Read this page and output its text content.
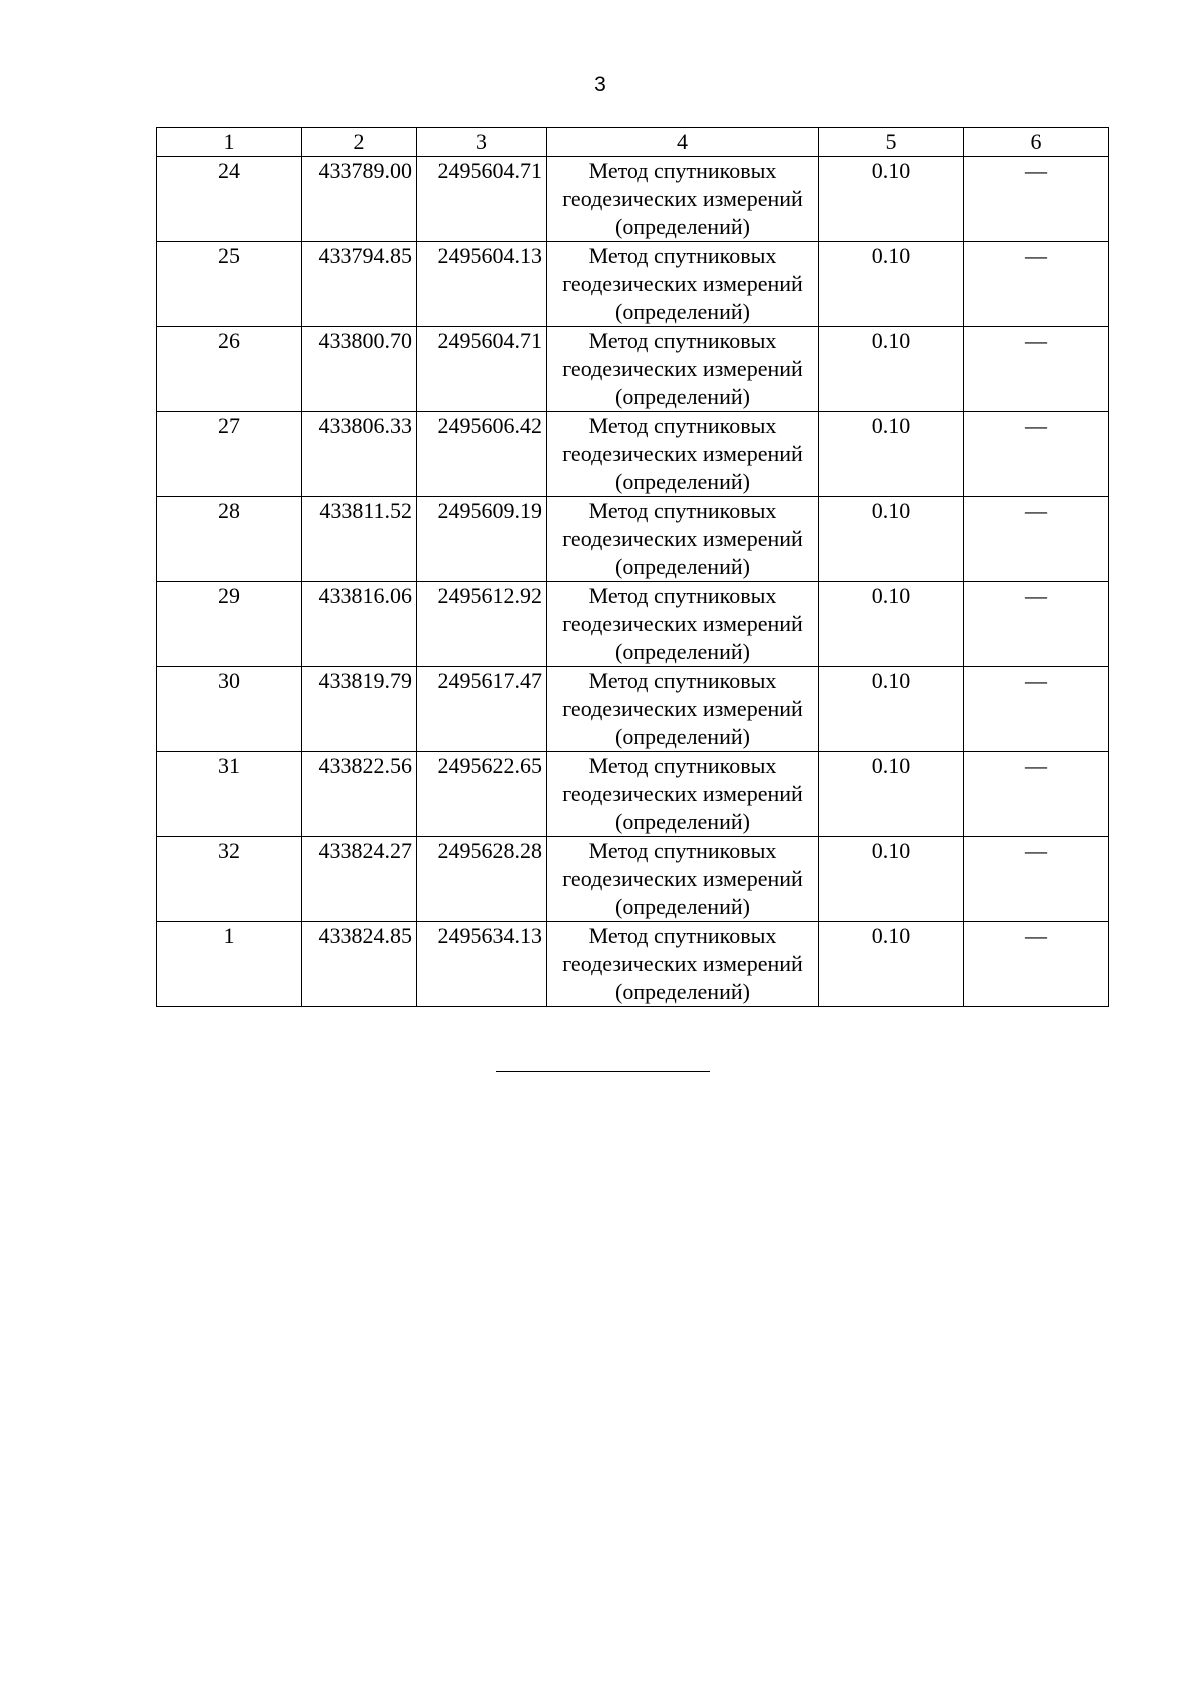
3
1	2	3	4	5	6
24	433789.00	2495604.71	Метод спутниковых
геодезических измерений
(определений)	0.10	—
25	433794.85	2495604.13	Метод спутниковых
геодезических измерений
(определений)	0.10	—
26	433800.70	2495604.71	Метод спутниковых
геодезических измерений
(определений)	0.10	—
27	433806.33	2495606.42	Метод спутниковых
геодезических измерений
(определений)	0.10	—
28	433811.52	2495609.19	Метод спутниковых
геодезических измерений
(определений)	0.10	—
29	433816.06	2495612.92	Метод спутниковых
геодезических измерений
(определений)	0.10	—
30	433819.79	2495617.47	Метод спутниковых
геодезических измерений
(определений)	0.10	—
31	433822.56	2495622.65	Метод спутниковых
геодезических измерений
(определений)	0.10	—
32	433824.27	2495628.28	Метод спутниковых
геодезических измерений
(определений)	0.10	—
1	433824.85	2495634.13	Метод спутниковых
геодезических измерений
(определений)	0.10	—
